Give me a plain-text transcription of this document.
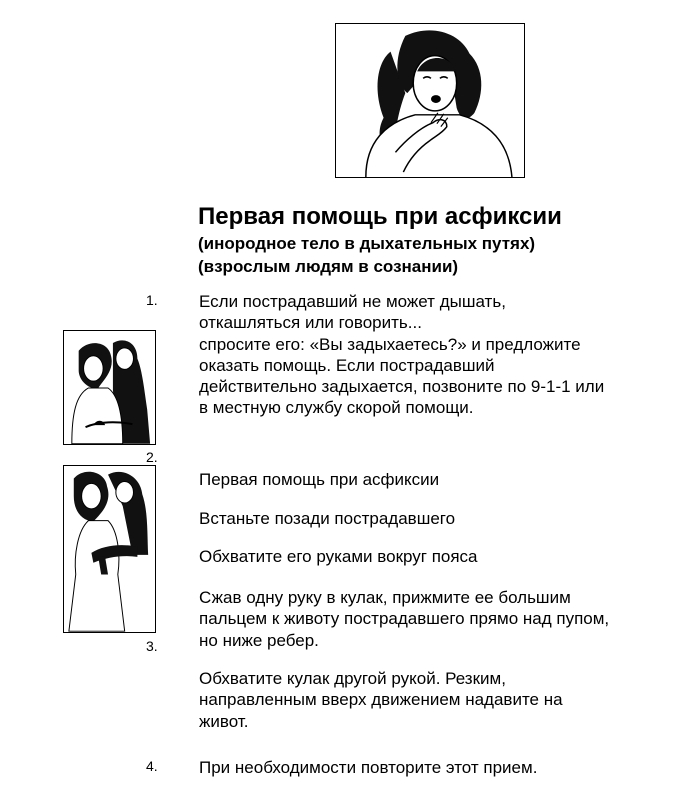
Первая помощь при асфиксии
(инородное тело в дыхательных путях)
(взрослым людям в сознании)
1. Если пострадавший не может дышать,
откашляться или говорить...
спросите его: «Вы задыхаетесь?» и предложите
оказать помощь. Если пострадавший
действительно задыхается, позвоните по 9-1-1 или
в местную службу скорой помощи.
2.
3.
Первая помощь при асфиксии
Встаньте позади пострадавшего
Обхватите его руками вокруг пояса
Сжав одну руку в кулак, прижмите ее большим
пальцем к животу пострадавшего прямо над пупом,
но ниже ребер.
Обхватите кулак другой рукой. Резким,
направленным вверх движением надавите на
живот.
4. При необходимости повторите этот прием.
